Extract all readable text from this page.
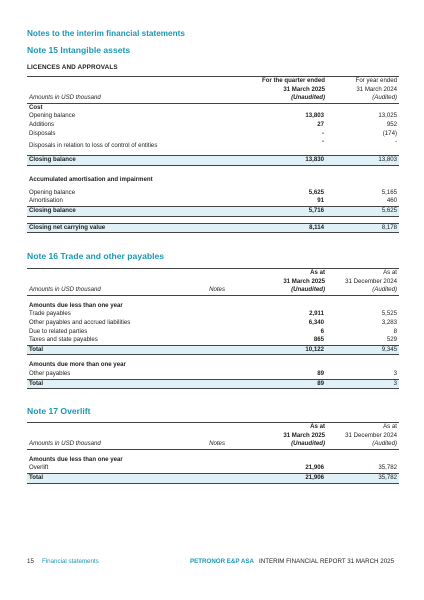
Notes to the interim financial statements
Note 15 Intangible assets
LICENCES AND APPROVALS
	For the quarter ended	For year ended
	31 March 2025	31 March 2024
Amounts in USD thousand	(Unaudited)	(Audited)
Cost		
Opening balance	13,803	13,025
Additions	27	952
Disposals	-	(174)
Disposals in relation to loss of control of entities	-	-
Closing balance	13,830	13,803

Accumulated amortisation and impairment		
Opening balance	5,625	5,165
Amortisation	91	460
Closing balance	5,716	5,625

Closing net carrying value	8,114	8,178
Note 16 Trade and other payables
		As at	As at
		31 March 2025	31 December 2024
Amounts in USD thousand	Notes	(Unaudited)	(Audited)

Amounts due less than one year			
Trade payables		2,911	5,525
Other payables and accrued liabilities		6,340	3,283
Due to related parties		6	8
Taxes and state payables		865	529
Total		10,122	9,345

Amounts due more than one year			
Other payables		89	3
Total		89	3
Note 17 Overlift
		As at	As at
		31 March 2025	31 December 2024
Amounts in USD thousand	Notes	(Unaudited)	(Audited)

Amounts due less than one year			
Overlift		21,906	35,782
Total		21,906	35,782
15 Financial statements	PETRONOR E&P ASA INTERIM FINANCIAL REPORT 31 MARCH 2025
